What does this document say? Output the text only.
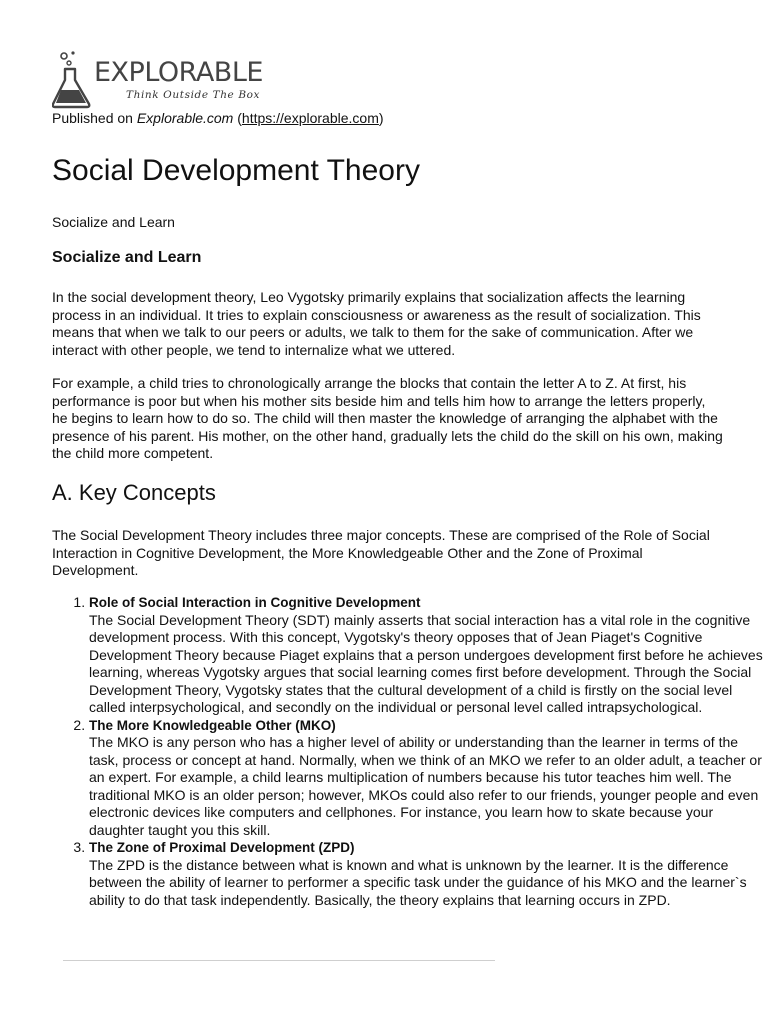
EXPLORABLE
Think Outside The Box
Published on Explorable.com (https://explorable.com)
Social Development Theory
Socialize and Learn
Socialize and Learn

In the social development theory, Leo Vygotsky primarily explains that socialization affects the learning process in an individual. It tries to explain consciousness or awareness as the result of socialization. This means that when we talk to our peers or adults, we talk to them for the sake of communication. After we interact with other people, we tend to internalize what we uttered.

For example, a child tries to chronologically arrange the blocks that contain the letter A to Z. At first, his performance is poor but when his mother sits beside him and tells him how to arrange the letters properly, he begins to learn how to do so. The child will then master the knowledge of arranging the alphabet with the presence of his parent. His mother, on the other hand, gradually lets the child do the skill on his own, making the child more competent.

A. Key Concepts

The Social Development Theory includes three major concepts. These are comprised of the Role of Social Interaction in Cognitive Development, the More Knowledgeable Other and the Zone of Proximal Development.

1. Role of Social Interaction in Cognitive Development
The Social Development Theory (SDT) mainly asserts that social interaction has a vital role in the cognitive development process. With this concept, Vygotsky's theory opposes that of Jean Piaget's Cognitive Development Theory because Piaget explains that a person undergoes development first before he achieves learning, whereas Vygotsky argues that social learning comes first before development. Through the Social Development Theory, Vygotsky states that the cultural development of a child is firstly on the social level called interpsychological, and secondly on the individual or personal level called intrapsychological.
2. The More Knowledgeable Other (MKO)
The MKO is any person who has a higher level of ability or understanding than the learner in terms of the task, process or concept at hand. Normally, when we think of an MKO we refer to an older adult, a teacher or an expert. For example, a child learns multiplication of numbers because his tutor teaches him well. The traditional MKO is an older person; however, MKOs could also refer to our friends, younger people and even electronic devices like computers and cellphones. For instance, you learn how to skate because your daughter taught you this skill.
3. The Zone of Proximal Development (ZPD)
The ZPD is the distance between what is known and what is unknown by the learner. It is the difference between the ability of learner to performer a specific task under the guidance of his MKO and the learner`s ability to do that task independently. Basically, the theory explains that learning occurs in ZPD.
